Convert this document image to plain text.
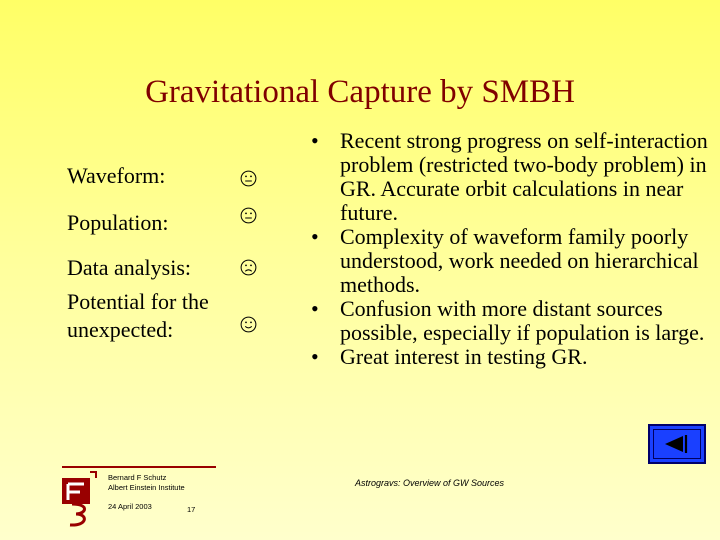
Gravitational Capture by SMBH
Waveform:
Population:
Data analysis:
Potential for the
unexpected:
• Recent strong progress on self-interaction problem (restricted two-body problem) in GR. Accurate orbit calculations in near future.
• Complexity of waveform family poorly understood, work needed on hierarchical methods.
• Confusion with more distant sources possible, especially if population is large.
• Great interest in testing GR.
Bernard F Schutz
Albert Einstein Institute
24 April 2003	17
Astrogravs: Overview of GW Sources
